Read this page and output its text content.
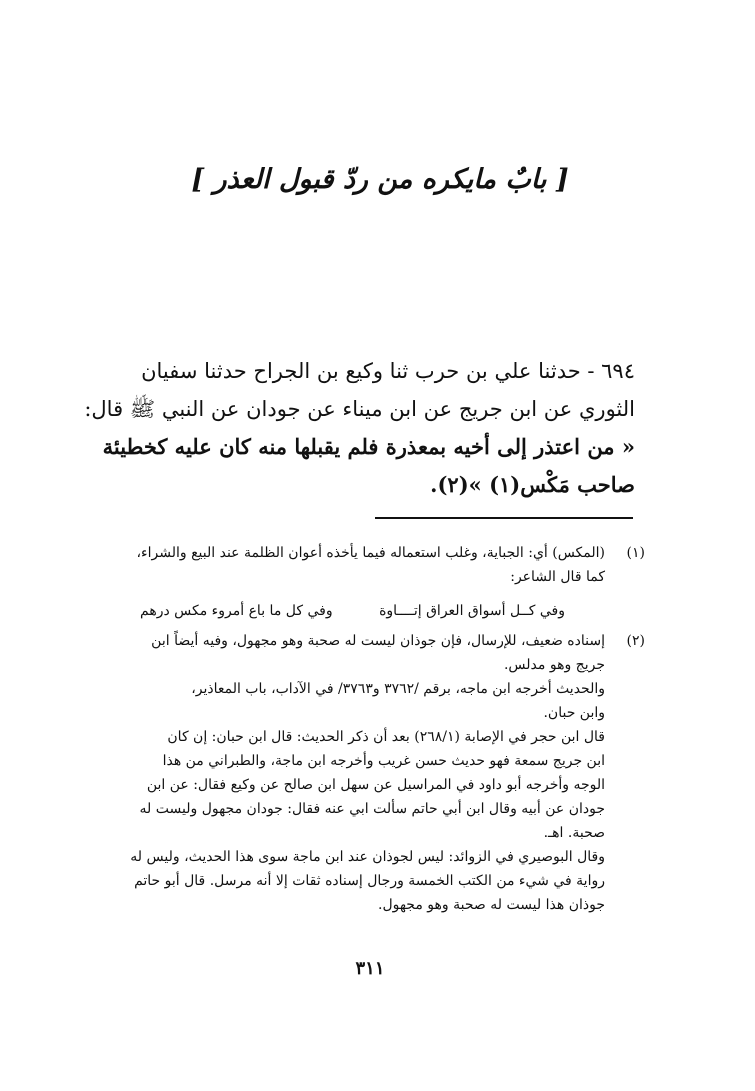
[ بابٌ مايكره من ردّ قبول العذر ]
٦٩٤ - حدثنا علي بن حرب ثنا وكيع بن الجراح حدثنا سفيان
الثوري عن ابن جريج عن ابن ميناء عن جودان عن النبي ﷺ قال:
« من اعتذر إلى أخيه بمعذرة فلم يقبلها منه كان عليه كخطيئة
صاحب مَكْس(١) »(٢).
(١)
(المكس) أي: الجباية، وغلب استعماله فيما يأخذه أعوان الظلمة عند البيع والشراء،
كما قال الشاعر:
وفي كــل أسواق العراق إتــــاوة
وفي كل ما باع أمروء مكس درهم
(٢)
إسناده ضعيف، للإرسال، فإن جوذان ليست له صحبة وهو مجهول، وفيه أيضاً ابن
جريج وهو مدلس.
والحديث أخرجه ابن ماجه، برقم /٣٧٦٢ و٣٧٦٣/ في الآداب، باب المعاذير،
وابن حبان.
قال ابن حجر في الإصابة (٢٦٨/١) بعد أن ذكر الحديث: قال ابن حبان: إن كان
ابن جريج سمعة فهو حديث حسن غريب وأخرجه ابن ماجة، والطبراني من هذا
الوجه وأخرجه أبو داود في المراسيل عن سهل ابن صالح عن وكيع فقال: عن ابن
جودان عن أبيه وقال ابن أبي حاتم سألت ابي عنه فقال: جودان مجهول وليست له
صحبة. اهـ.
وقال البوصيري في الزوائد: ليس لجوذان عند ابن ماجة سوى هذا الحديث، وليس له
رواية في شيء من الكتب الخمسة ورجال إسناده ثقات إلا أنه مرسل. قال أبو حاتم
جوذان هذا ليست له صحبة وهو مجهول.
٣١١
